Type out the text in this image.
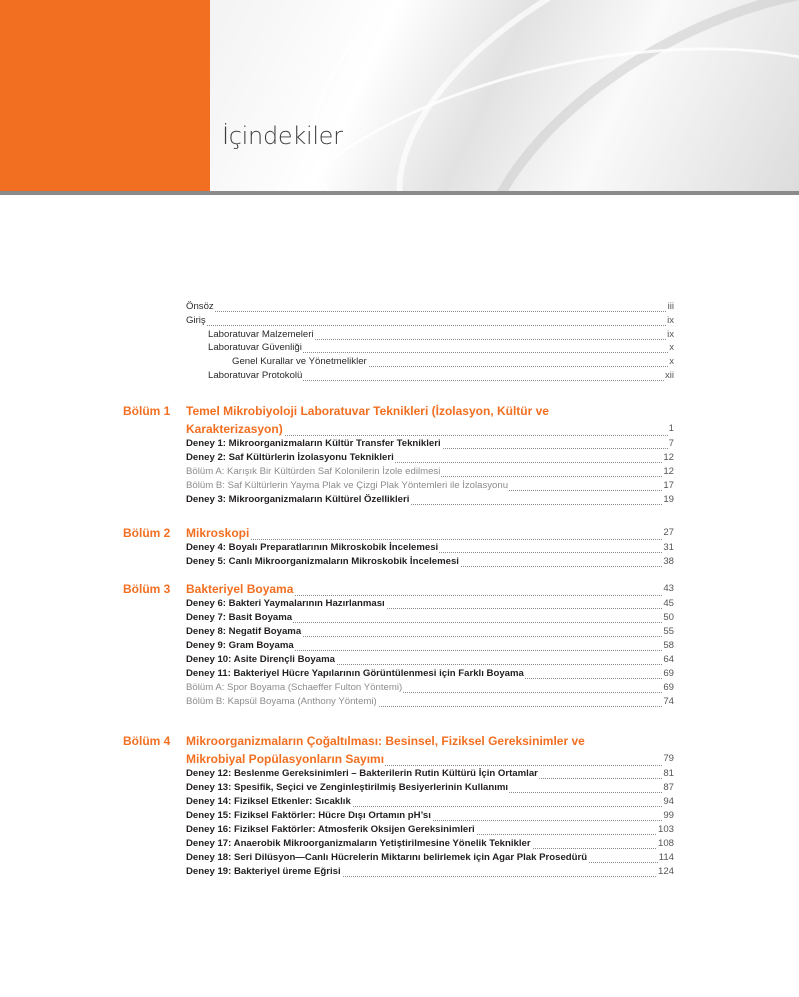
İçindekiler
Önsöz	iii
Giriş	ix
Laboratuvar Malzemeleri	ix
Laboratuvar Güvenliği	x
Genel Kurallar ve Yönetmelikler	x
Laboratuvar Protokolü	xii
Bölüm 1 Temel Mikrobiyoloji Laboratuvar Teknikleri (İzolasyon, Kültür ve
Karakterizasyon)	1
Deney 1: Mikroorganizmaların Kültür Transfer Teknikleri	7
Deney 2: Saf Kültürlerin İzolasyonu Teknikleri	12
Bölüm A: Karışık Bir Kültürden Saf Kolonilerin İzole edilmesi	12
Bölüm B: Saf Kültürlerin Yayma Plak ve Çizgi Plak Yöntemleri ile İzolasyonu	17
Deney 3: Mikroorganizmaların Kültürel Özellikleri	19
Bölüm 2 Mikroskopi	27
Deney 4: Boyalı Preparatlarının Mikroskobik İncelemesi	31
Deney 5: Canlı Mikroorganizmaların Mikroskobik İncelemesi	38
Bölüm 3 Bakteriyel Boyama	43
Deney 6: Bakteri Yaymalarının Hazırlanması	45
Deney 7: Basit Boyama	50
Deney 8: Negatif Boyama	55
Deney 9: Gram Boyama	58
Deney 10: Asite Dirençli Boyama	64
Deney 11: Bakteriyel Hücre Yapılarının Görüntülenmesi için Farklı Boyama	69
Bölüm A: Spor Boyama (Schaeffer Fulton Yöntemi)	69
Bölüm B: Kapsül Boyama (Anthony Yöntemi)	74
Bölüm 4 Mikroorganizmaların Çoğaltılması: Besinsel, Fiziksel Gereksinimler ve
Mikrobiyal Popülasyonların Sayımı	79
Deney 12: Beslenme Gereksinimleri – Bakterilerin Rutin Kültürü İçin Ortamlar	81
Deney 13: Spesifik, Seçici ve Zenginleştirilmiş Besiyerlerinin Kullanımı	87
Deney 14: Fiziksel Etkenler: Sıcaklık	94
Deney 15: Fiziksel Faktörler: Hücre Dışı Ortamın pH’sı	99
Deney 16: Fiziksel Faktörler: Atmosferik Oksijen Gereksinimleri	103
Deney 17: Anaerobik Mikroorganizmaların Yetiştirilmesine Yönelik Teknikler	108
Deney 18: Seri Dilüsyon—Canlı Hücrelerin Miktarını belirlemek için Agar Plak Prosedürü	114
Deney 19: Bakteriyel üreme Eğrisi	124
